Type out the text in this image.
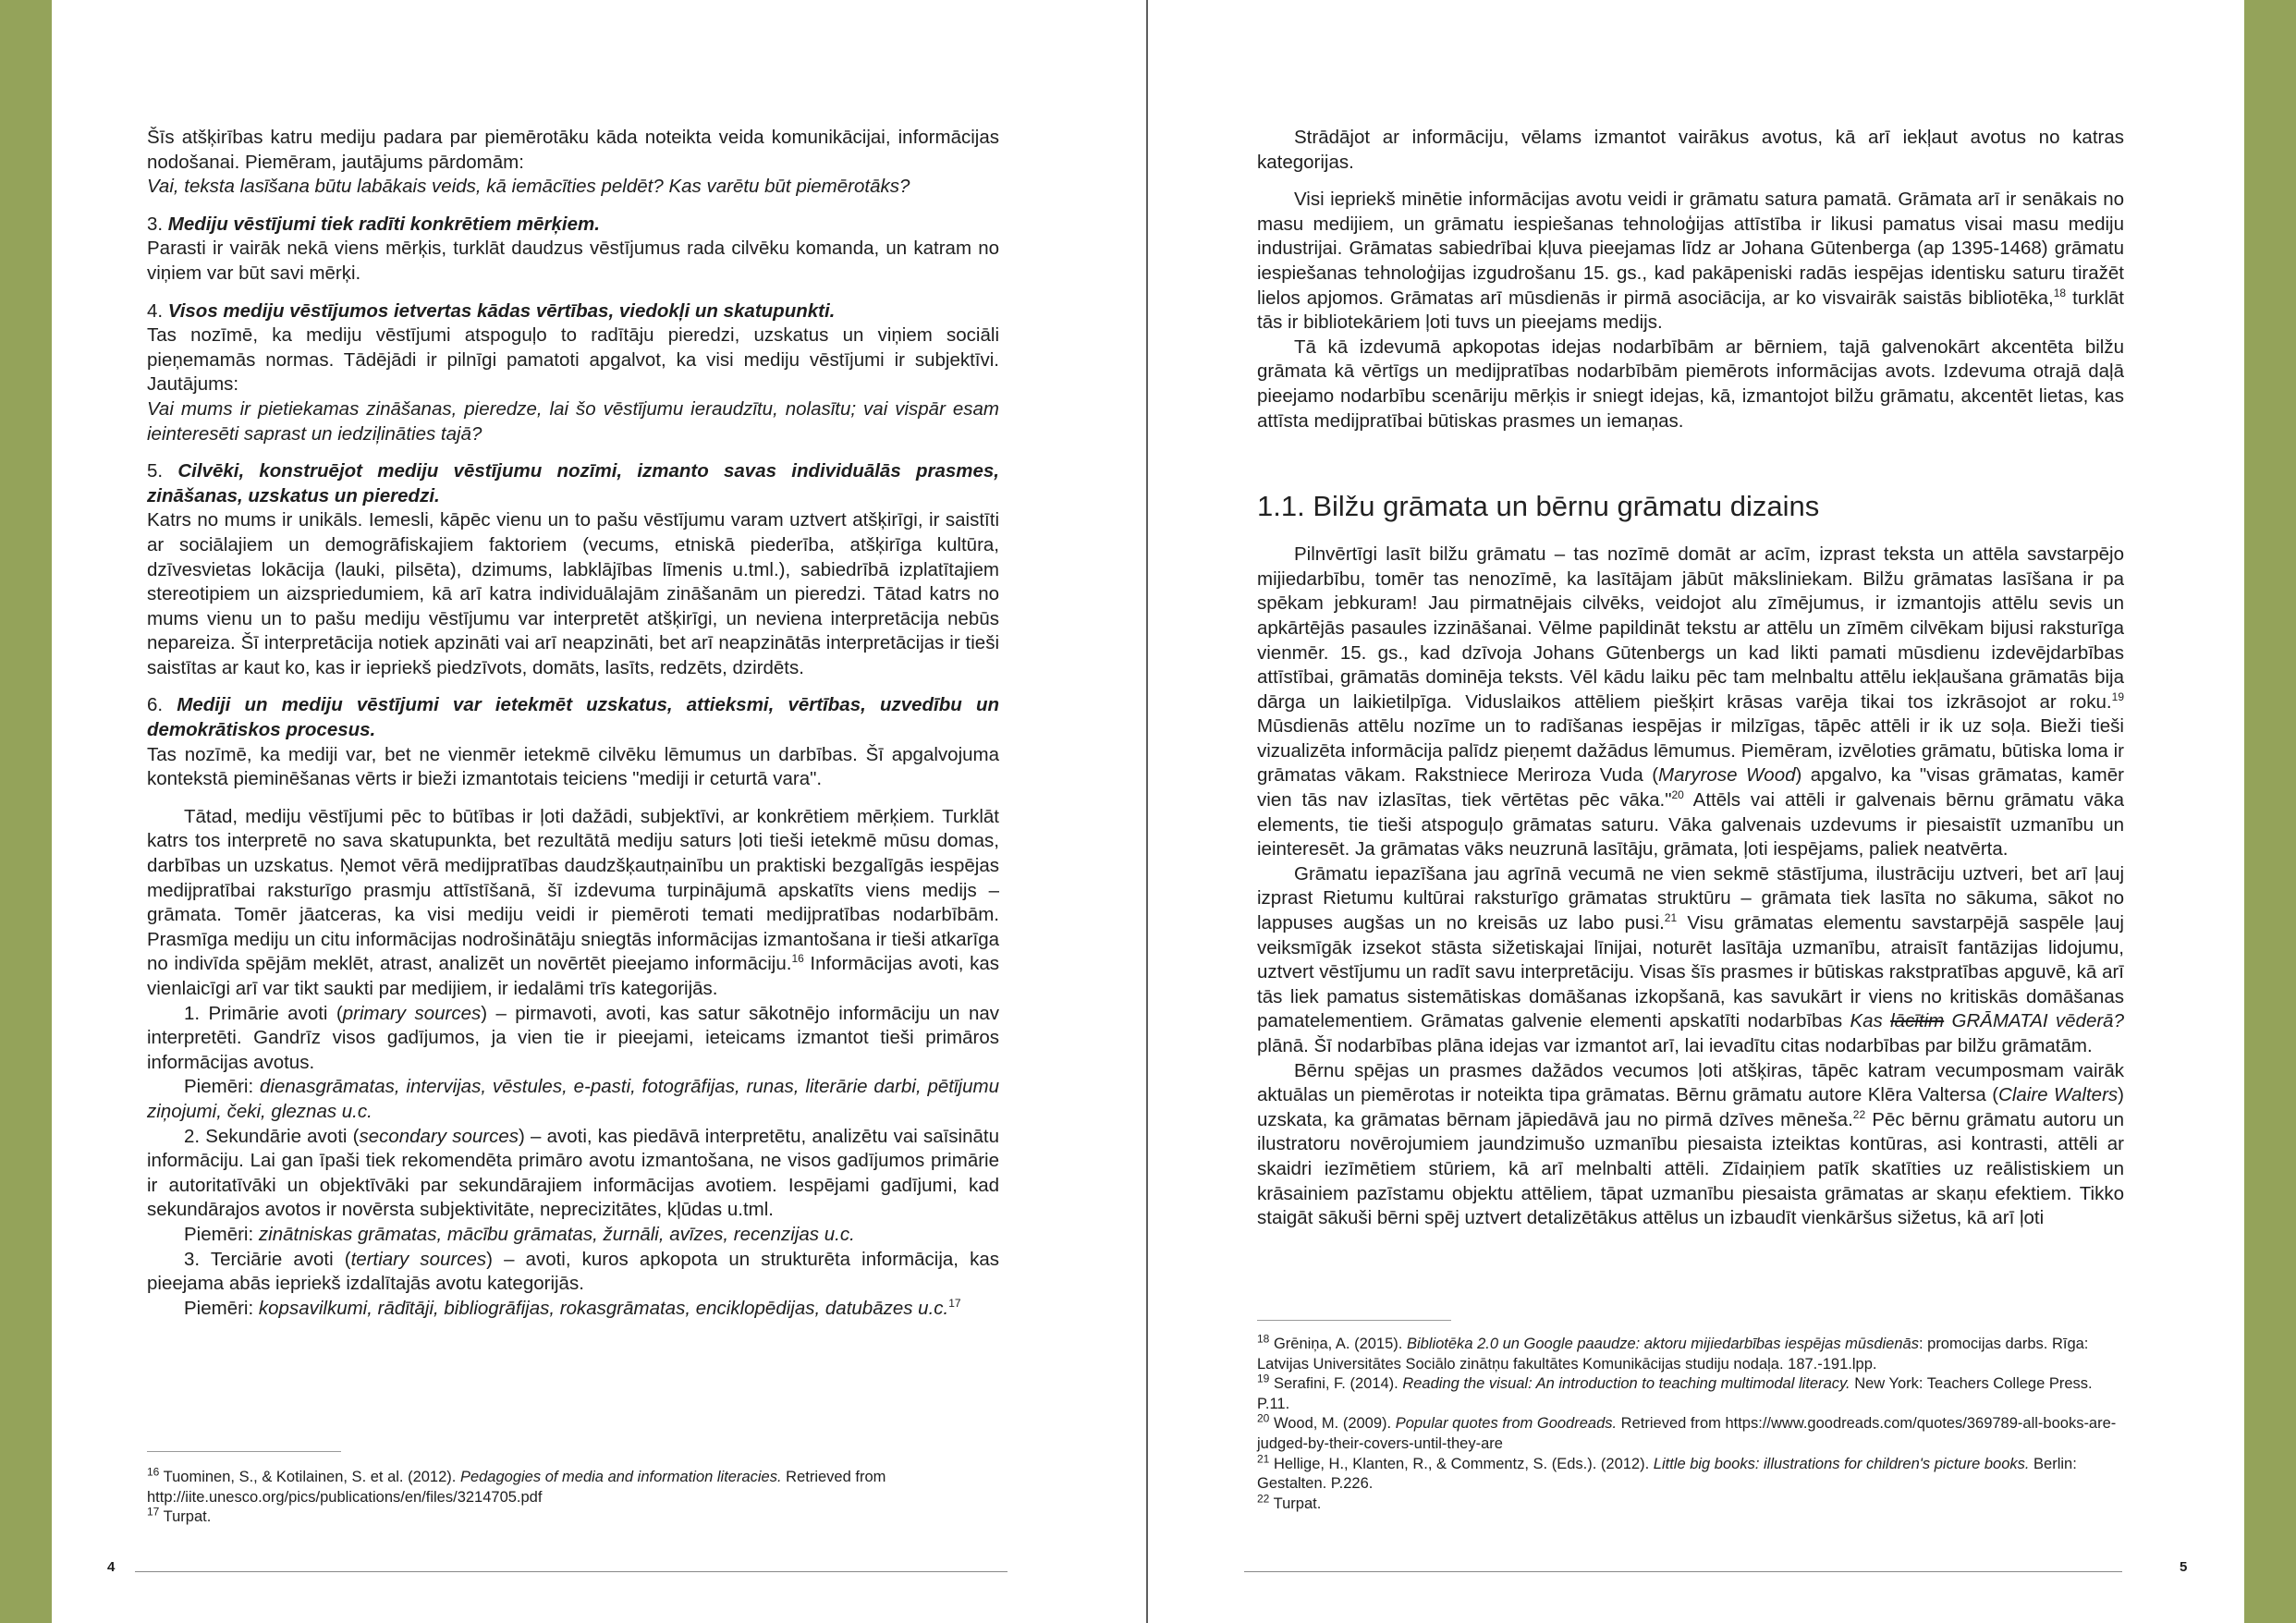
Šīs atšķirības katru mediju padara par piemērotāku kāda noteikta veida komunikācijai, informācijas nodošanai. Piemēram, jautājums pārdomām:
Vai, teksta lasīšana būtu labākais veids, kā iemācīties peldēt? Kas varētu būt piemērotāks?

3. Mediju vēstījumi tiek radīti konkrētiem mērķiem.
Parasti ir vairāk nekā viens mērķis, turklāt daudzus vēstījumus rada cilvēku komanda, un katram no viņiem var būt savi mērķi.

4. Visos mediju vēstījumos ietvertas kādas vērtības, viedokļi un skatupunkti.
Tas nozīmē, ka mediju vēstījumi atspoguļo to radītāju pieredzi, uzskatus un viņiem sociāli pieņemamās normas. Tādējādi ir pilnīgi pamatoti apgalvot, ka visi mediju vēstījumi ir subjektīvi. Jautājums:
Vai mums ir pietiekamas zināšanas, pieredze, lai šo vēstījumu ieraudzītu, nolasītu; vai vispār esam ieinteresēti saprast un iedziļināties tajā?

5. Cilvēki, konstruējot mediju vēstījumu nozīmi, izmanto savas individuālās prasmes, zināšanas, uzskatus un pieredzi.
Katrs no mums ir unikāls. Iemesli, kāpēc vienu un to pašu vēstījumu varam uztvert atšķirīgi, ir saistīti ar sociālajiem un demogrāfiskajiem faktoriem (vecums, etniskā piederība, atšķirīga kultūra, dzīvesvietas lokācija (lauki, pilsēta), dzimums, labklājības līmenis u.tml.), sabiedrībā izplatītajiem stereotipiem un aizspriedumiem, kā arī katra individuālajām zināšanām un pieredzi. Tātad katrs no mums vienu un to pašu mediju vēstījumu var interpretēt atšķirīgi, un neviena interpretācija nebūs nepareiza. Šī interpretācija notiek apzināti vai arī neapzināti, bet arī neapzinātās interpretācijas ir tieši saistītas ar kaut ko, kas ir iepriekš piedzīvots, domāts, lasīts, redzēts, dzirdēts.

6. Mediji un mediju vēstījumi var ietekmēt uzskatus, attieksmi, vērtības, uzvedību un demokrātiskos procesus.
Tas nozīmē, ka mediji var, bet ne vienmēr ietekmē cilvēku lēmumus un darbības. Šī apgalvojuma kontekstā pieminēšanas vērts ir bieži izmantotais teiciens "mediji ir ceturtā vara".

Tātad, mediju vēstījumi pēc to būtības ir ļoti dažādi, subjektīvi, ar konkrētiem mērķiem. Turklāt katrs tos interpretē no sava skatupunkta, bet rezultātā mediju saturs ļoti tieši ietekmē mūsu domas, darbības un uzskatus. Ņemot vērā medijpratības daudzšķautņainību un praktiski bezgalīgās iespējas medijpratībai raksturīgo prasmju attīstīšanā, šī izdevuma turpinājumā apskatīts viens medijs – grāmata. Tomēr jāatceras, ka visi mediju veidi ir piemēroti temati medijpratības nodarbībām. Prasmīga mediju un citu informācijas nodrošinātāju sniegtās informācijas izmantošana ir tieši atkarīga no indivīda spējām meklēt, atrast, analizēt un novērtēt pieejamo informāciju.$^{16}$ Informācijas avoti, kas vienlaicīgi arī var tikt saukti par medijiem, ir iedalāmi trīs kategorijās.

1. Primārie avoti (primary sources) – pirmavoti, avoti, kas satur sākotnējo informāciju un nav interpretēti. Gandrīz visos gadījumos, ja vien tie ir pieejami, ieteicams izmantot tieši primāros informācijas avotus.

Piemēri: dienasgrāmatas, intervijas, vēstules, e-pasti, fotogrāfijas, runas, literārie darbi, pētījumu ziņojumi, čeki, gleznas u.c.

2. Sekundārie avoti (secondary sources) – avoti, kas piedāvā interpretētu, analizētu vai saīsinātu informāciju. Lai gan īpaši tiek rekomendēta primāro avotu izmantošana, ne visos gadījumos primārie ir autoritatīvāki un objektīvāki par sekundārajiem informācijas avotiem. Iespējami gadījumi, kad sekundārajos avotos ir novērsta subjektivitāte, neprecizitātes, kļūdas u.tml.

Piemēri: zinātniskas grāmatas, mācību grāmatas, žurnāli, avīzes, recenzijas u.c.

3. Terciārie avoti (tertiary sources) – avoti, kuros apkopota un strukturēta informācija, kas pieejama abās iepriekš izdalītajās avotu kategorijās.

Piemēri: kopsavilkumi, rādītāji, bibliogrāfijas, rokasgrāmatas, enciklopēdijas, datubāzes u.c.$^{17}$

$^{16}$ Tuominen, S., & Kotilainen, S. et al. (2012). Pedagogies of media and information literacies. Retrieved from http://iite.unesco.org/pics/publications/en/files/3214705.pdf

$^{17}$ Turpat.

4

Strādājot ar informāciju, vēlams izmantot vairākus avotus, kā arī iekļaut avotus no katras kategorijas.

Visi iepriekš minētie informācijas avotu veidi ir grāmatu satura pamatā. Grāmata arī ir senākais no masu medijiem, un grāmatu iespiešanas tehnoloģijas attīstība ir likusi pamatus visai masu mediju industrijai. Grāmatas sabiedrībai kļuva pieejamas līdz ar Johana Gūtenberga (ap 1395-1468) grāmatu iespiešanas tehnoloģijas izgudrošanu 15. gs., kad pakāpeniski radās iespējas identisku saturu tiražēt lielos apjomos. Grāmatas arī mūsdienās ir pirmā asociācija, ar ko visvairāk saistās bibliotēka,$^{18}$ turklāt tās ir bibliotekāriem ļoti tuvs un pieejams medijs.

Tā kā izdevumā apkopotas idejas nodarbībām ar bērniem, tajā galvenokārt akcentēta bilžu grāmata kā vērtīgs un medijpratības nodarbībām piemērots informācijas avots. Izdevuma otrajā daļā pieejamo nodarbību scenāriju mērķis ir sniegt idejas, kā, izmantojot bilžu grāmatu, akcentēt lietas, kas attīsta medijpratībai būtiskas prasmes un iemaņas.

1.1. Bilžu grāmata un bērnu grāmatu dizains

Pilnvērtīgi lasīt bilžu grāmatu – tas nozīmē domāt ar acīm, izprast teksta un attēla savstarpējo mijiedarbību, tomēr tas nenozīmē, ka lasītājam jābūt māksliniekam. Bilžu grāmatas lasīšana ir pa spēkam jebkuram! Jau pirmatnējais cilvēks, veidojot alu zīmējumus, ir izmantojis attēlu sevis un apkārtējās pasaules izzināšanai. Vēlme papildināt tekstu ar attēlu un zīmēm cilvēkam bijusi raksturīga vienmēr. 15. gs., kad dzīvoja Johans Gūtenbergs un kad likti pamati mūsdienu izdevējdarbības attīstībai, grāmatās dominēja teksts. Vēl kādu laiku pēc tam melnbaltu attēlu iekļaušana grāmatās bija dārga un laikietilpīga. Viduslaikos attēliem piešķirt krāsas varēja tikai tos izkrāsojot ar roku.$^{19}$ Mūsdienās attēlu nozīme un to radīšanas iespējas ir milzīgas, tāpēc attēli ir ik uz soļa. Bieži tieši vizualizēta informācija palīdz pieņemt dažādus lēmumus. Piemēram, izvēloties grāmatu, būtiska loma ir grāmatas vākam. Rakstniece Meriroza Vuda (Maryrose Wood) apgalvo, ka "visas grāmatas, kamēr vien tās nav izlasītas, tiek vērtētas pēc vāka."$^{20}$ Attēls vai attēli ir galvenais bērnu grāmatu vāka elements, tie tieši atspoguļo grāmatas saturu. Vāka galvenais uzdevums ir piesaistīt uzmanību un ieinteresēt. Ja grāmatas vāks neuzrunā lasītāju, grāmata, ļoti iespējams, paliek neatvērta.

Grāmatu iepazīšana jau agrīnā vecumā ne vien sekmē stāstījuma, ilustrāciju uztveri, bet arī ļauj izprast Rietumu kultūrai raksturīgo grāmatas struktūru – grāmata tiek lasīta no sākuma, sākot no lappuses augšas un no kreisās uz labo pusi.$^{21}$ Visu grāmatas elementu savstarpējā saspēle ļauj veiksmīgāk izsekot stāsta sižetiskajai līnijai, noturēt lasītāja uzmanību, atraisīt fantāzijas lidojumu, uztvert vēstījumu un radīt savu interpretāciju. Visas šīs prasmes ir būtiskas rakstpratības apguvē, kā arī tās liek pamatus sistemātiskas domāšanas izkopšanā, kas savukārt ir viens no kritiskās domāšanas pamatelementiem. Grāmatas galvenie elementi apskatīti nodarbības Kas lācītim GRĀMATAI vēderā? plānā. Šī nodarbības plāna idejas var izmantot arī, lai ievadītu citas nodarbības par bilžu grāmatām.

Bērnu spējas un prasmes dažādos vecumos ļoti atšķiras, tāpēc katram vecumposmam vairāk aktuālas un piemērotas ir noteikta tipa grāmatas. Bērnu grāmatu autore Klēra Valtersa (Claire Walters) uzskata, ka grāmatas bērnam jāpiedāvā jau no pirmā dzīves mēneša.$^{22}$ Pēc bērnu grāmatu autoru un ilustratoru novērojumiem jaundzimušo uzmanību piesaista izteiktas kontūras, asi kontrasti, attēli ar skaidri iezīmētiem stūriem, kā arī melnbalti attēli. Zīdaiņiem patīk skatīties uz reālistiskiem un krāsainiem pazīstamu objektu attēliem, tāpat uzmanību piesaista grāmatas ar skaņu efektiem. Tikko staigāt sākuši bērni spēj uztvert detalizētākus attēlus un izbaudīt vienkāršus sižetus, kā arī ļoti

$^{18}$ Grēniņa, A. (2015). Bibliotēka 2.0 un Google paaudze: aktoru mijiedarbības iespējas mūsdienās: promocijas darbs. Rīga: Latvijas Universitātes Sociālo zinātņu fakultātes Komunikācijas studiju nodaļa. 187.-191.lpp.

$^{19}$ Serafini, F. (2014). Reading the visual: An introduction to teaching multimodal literacy. New York: Teachers College Press. P.11.

$^{20}$ Wood, M. (2009). Popular quotes from Goodreads. Retrieved from https://www.goodreads.com/quotes/369789-all-books-are-judged-by-their-covers-until-they-are

$^{21}$ Hellige, H., Klanten, R., & Commentz, S. (Eds.). (2012). Little big books: illustrations for children's picture books. Berlin: Gestalten. P.226.

$^{22}$ Turpat.

5
